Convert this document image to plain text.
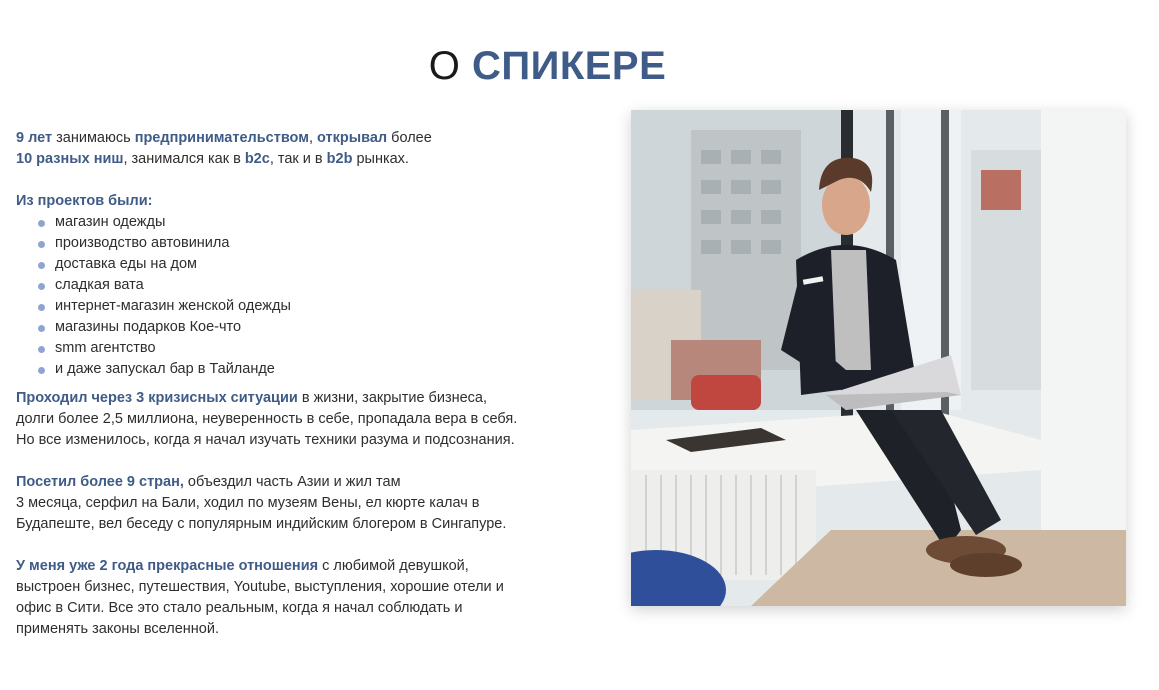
О СПИКЕРЕ

9 лет занимаюсь предпринимательством, открывал более
10 разных ниш, занимался как в b2c, так и в b2b рынках.

Из проектов были:

магазин одежды
производство автовинила
доставка еды на дом
сладкая вата
интернет-магазин женской одежды
магазины подарков Кое-что
smm агентство
и даже запускал бар в Тайланде

Проходил через 3 кризисных ситуации в жизни, закрытие бизнеса,
долги более 2,5 миллиона, неуверенность в себе, пропадала вера в себя.
Но все изменилось, когда я начал изучать техники разума и подсознания.

Посетил более 9 стран, объездил часть Азии и жил там
3 месяца, серфил на Бали, ходил по музеям Вены, ел кюрте калач в
Будапеште, вел беседу с популярным индийским блогером в Сингапуре.

У меня уже 2 года прекрасные отношения с любимой девушкой,
выстроен бизнес, путешествия, Youtube, выступления, хорошие отели и
офис в Сити. Все это стало реальным, когда я начал соблюдать и
применять законы вселенной.
